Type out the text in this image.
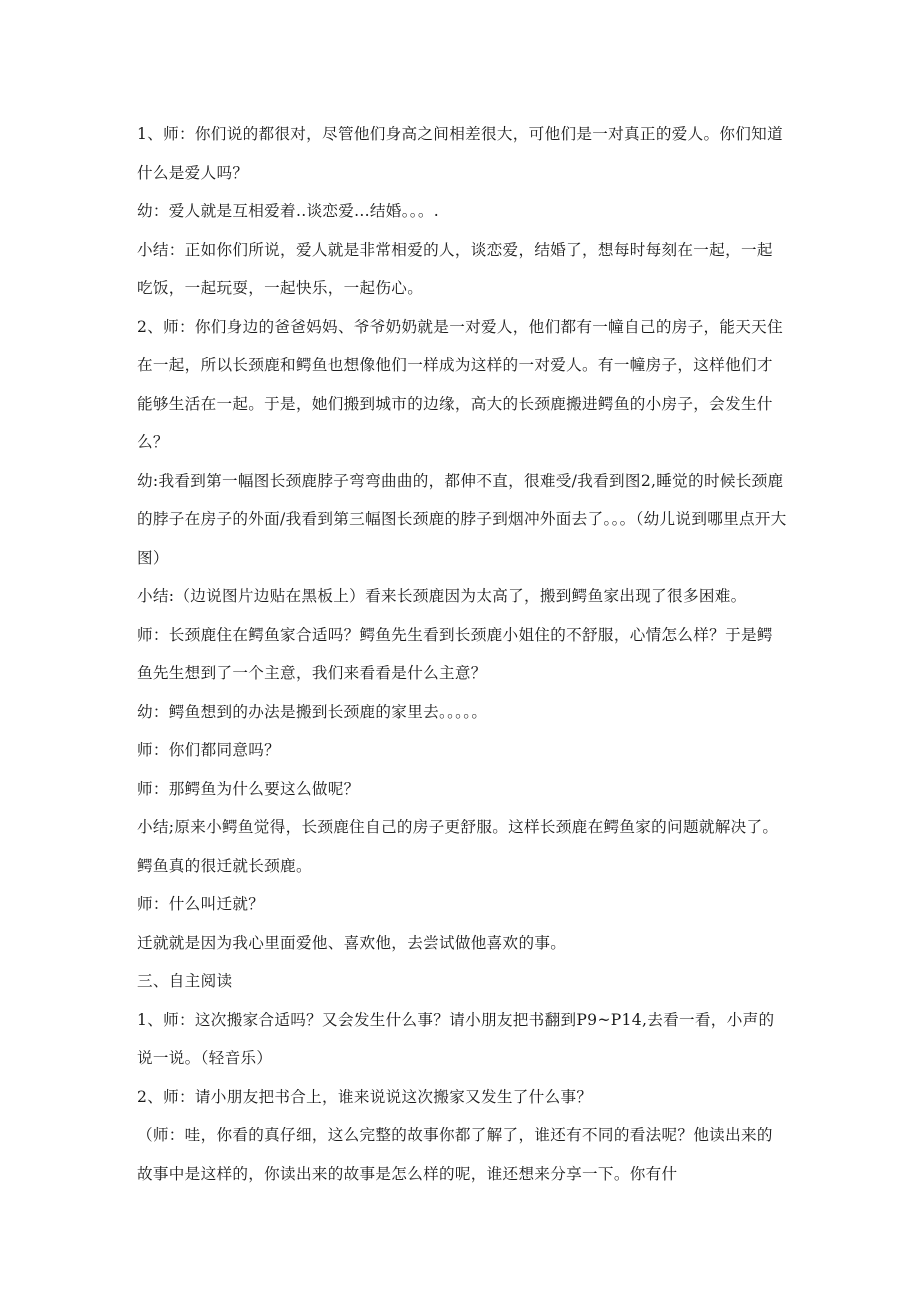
1、师：你们说的都很对，尽管他们身高之间相差很大，可他们是一对真正的爱人。你们知道什么是爱人吗？

幼：爱人就是互相爱着..谈恋爱...结婚。。。.

小结：正如你们所说，爱人就是非常相爱的人，谈恋爱，结婚了，想每时每刻在一起，一起吃饭，一起玩耍，一起快乐，一起伤心。

2、师：你们身边的爸爸妈妈、爷爷奶奶就是一对爱人，他们都有一幢自己的房子，能天天住在一起，所以长颈鹿和鳄鱼也想像他们一样成为这样的一对爱人。有一幢房子，这样他们才能够生活在一起。于是，她们搬到城市的边缘，高大的长颈鹿搬进鳄鱼的小房子，会发生什么？

幼:我看到第一幅图长颈鹿脖子弯弯曲曲的，都伸不直，很难受/我看到图2,睡觉的时候长颈鹿的脖子在房子的外面/我看到第三幅图长颈鹿的脖子到烟冲外面去了。。。（幼儿说到哪里点开大图）

小结:（边说图片边贴在黑板上）看来长颈鹿因为太高了，搬到鳄鱼家出现了很多困难。

师：长颈鹿住在鳄鱼家合适吗？鳄鱼先生看到长颈鹿小姐住的不舒服，心情怎么样？于是鳄鱼先生想到了一个主意，我们来看看是什么主意？

幼：鳄鱼想到的办法是搬到长颈鹿的家里去。。。。。

师：你们都同意吗？

师：那鳄鱼为什么要这么做呢？

小结;原来小鳄鱼觉得，长颈鹿住自己的房子更舒服。这样长颈鹿在鳄鱼家的问题就解决了。鳄鱼真的很迁就长颈鹿。

师：什么叫迁就？

迁就就是因为我心里面爱他、喜欢他，去尝试做他喜欢的事。

三、自主阅读

1、师：这次搬家合适吗？又会发生什么事？请小朋友把书翻到P9~P14,去看一看，小声的说一说。（轻音乐）

2、师：请小朋友把书合上，谁来说说这次搬家又发生了什么事？

（师：哇，你看的真仔细，这么完整的故事你都了解了，谁还有不同的看法呢？他读出来的故事中是这样的，你读出来的故事是怎么样的呢，谁还想来分享一下。你有什
